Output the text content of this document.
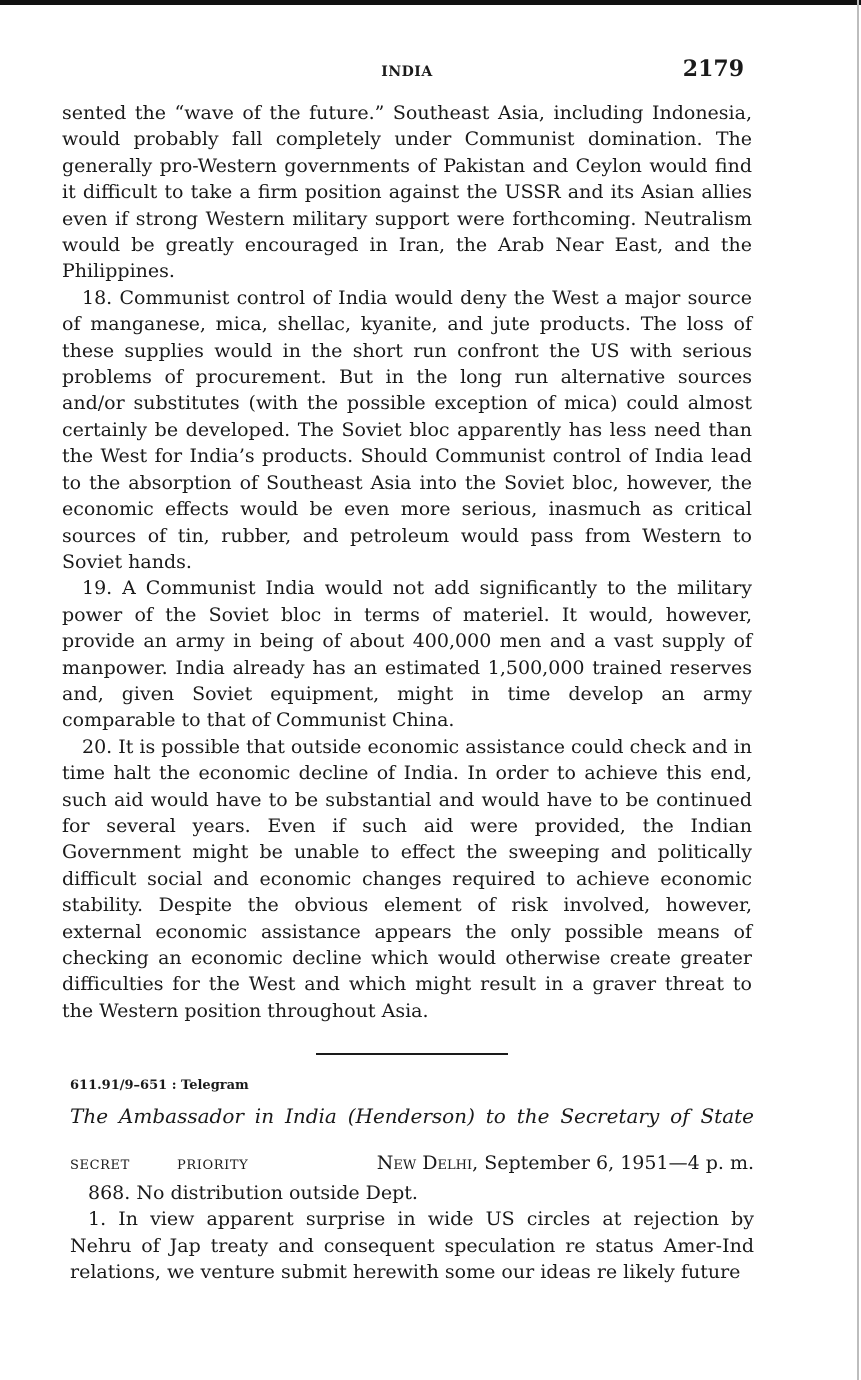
INDIA	2179

sented the “wave of the future.” Southeast Asia, including Indonesia, would probably fall completely under Communist domination. The generally pro-Western governments of Pakistan and Ceylon would find it difficult to take a firm position against the USSR and its Asian allies even if strong Western military support were forthcoming. Neutralism would be greatly encouraged in Iran, the Arab Near East, and the Philippines.

18. Communist control of India would deny the West a major source of manganese, mica, shellac, kyanite, and jute products. The loss of these supplies would in the short run confront the US with serious problems of procurement. But in the long run alternative sources and/or substitutes (with the possible exception of mica) could almost certainly be developed. The Soviet bloc apparently has less need than the West for India’s products. Should Communist control of India lead to the absorption of Southeast Asia into the Soviet bloc, however, the economic effects would be even more serious, inasmuch as critical sources of tin, rubber, and petroleum would pass from Western to Soviet hands.

19. A Communist India would not add significantly to the military power of the Soviet bloc in terms of materiel. It would, however, provide an army in being of about 400,000 men and a vast supply of manpower. India already has an estimated 1,500,000 trained reserves and, given Soviet equipment, might in time develop an army comparable to that of Communist China.

20. It is possible that outside economic assistance could check and in time halt the economic decline of India. In order to achieve this end, such aid would have to be substantial and would have to be continued for several years. Even if such aid were provided, the Indian Government might be unable to effect the sweeping and politically difficult social and economic changes required to achieve economic stability. Despite the obvious element of risk involved, however, external economic assistance appears the only possible means of checking an economic decline which would otherwise create greater difficulties for the West and which might result in a graver threat to the Western position throughout Asia.

611.91/9–651 : Telegram
The Ambassador in India (Henderson) to the Secretary of State
SECRET	PRIORITY	New Delhi, September 6, 1951—4 p. m.

868. No distribution outside Dept.

1. In view apparent surprise in wide US circles at rejection by Nehru of Jap treaty and consequent speculation re status Amer-Ind relations, we venture submit herewith some our ideas re likely future
